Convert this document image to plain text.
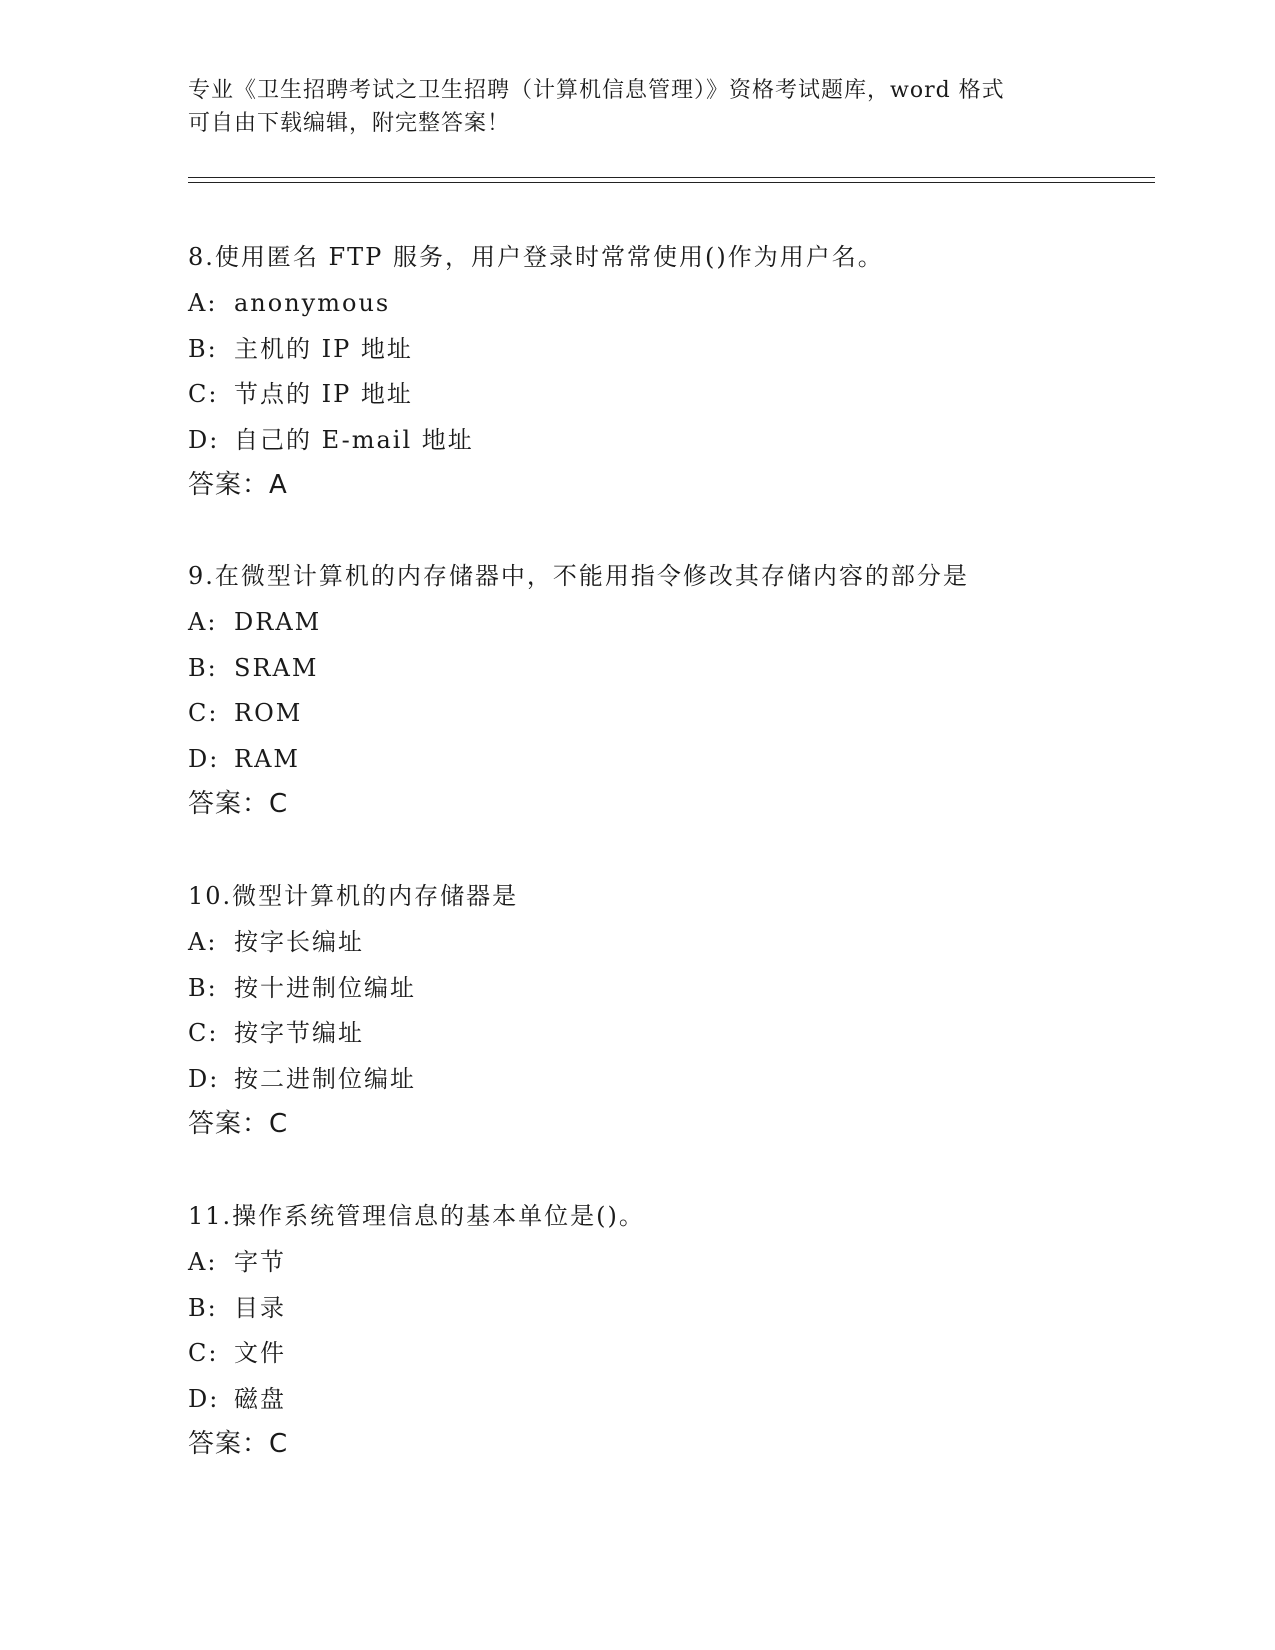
专业《卫生招聘考试之卫生招聘（计算机信息管理）》资格考试题库，word 格式
可自由下载编辑，附完整答案！
8.使用匿名 FTP 服务，用户登录时常常使用()作为用户名。
A: anonymous
B: 主机的 IP 地址
C: 节点的 IP 地址
D: 自己的 E-mail 地址
答案：A
9.在微型计算机的内存储器中，不能用指令修改其存储内容的部分是
A: DRAM
B: SRAM
C: ROM
D: RAM
答案：C
10.微型计算机的内存储器是
A: 按字长编址
B: 按十进制位编址
C: 按字节编址
D: 按二进制位编址
答案：C
11.操作系统管理信息的基本单位是()。
A: 字节
B: 目录
C: 文件
D: 磁盘
答案：C
